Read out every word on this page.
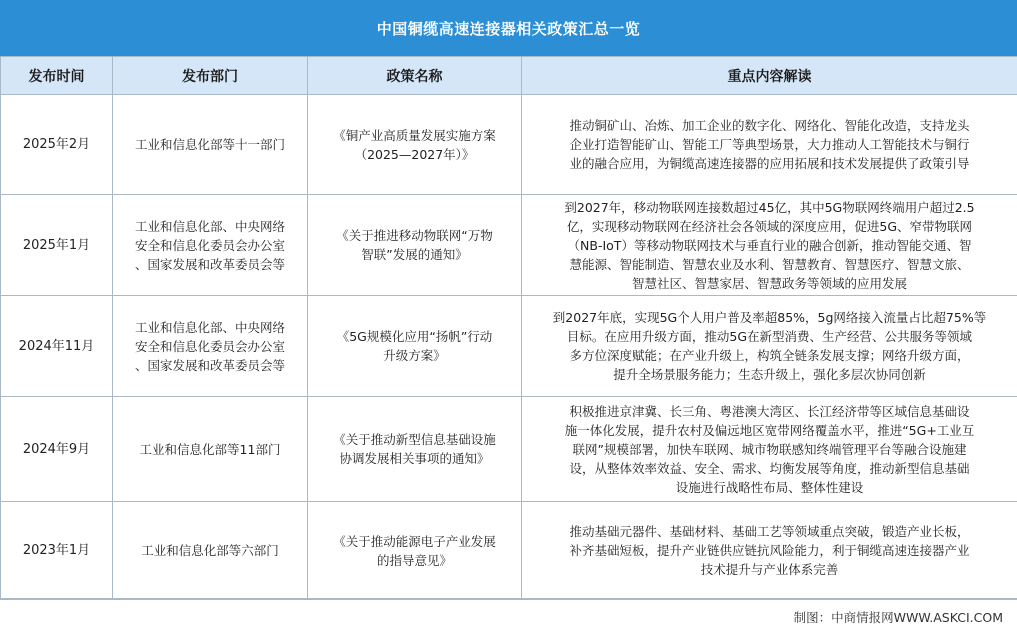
中国铜缆高速连接器相关政策汇总一览
发布时间	发布部门	政策名称	重点内容解读
2025年2月	工业和信息化部等十一部门	《铜产业高质量发展实施方案
（2025—2027年）》	推动铜矿山、冶炼、加工企业的数字化、网络化、智能化改造，支持龙头
企业打造智能矿山、智能工厂等典型场景，大力推动人工智能技术与铜行
业的融合应用，为铜缆高速连接器的应用拓展和技术发展提供了政策引导

2025年1月	工业和信息化部、中央网络
安全和信息化委员会办公室
、国家发展和改革委员会等	《关于推进移动物联网“万物
智联”发展的通知》	到2027年，移动物联网连接数超过45亿，其中5G物联网终端用户超过2.5
亿，实现移动物联网在经济社会各领域的深度应用，促进5G、窄带物联网
（NB-IoT）等移动物联网技术与垂直行业的融合创新，推动智能交通、智
慧能源、智能制造、智慧农业及水利、智慧教育、智慧医疗、智慧文旅、
智慧社区、智慧家居、智慧政务等领域的应用发展

2024年11月	工业和信息化部、中央网络
安全和信息化委员会办公室
、国家发展和改革委员会等	《5G规模化应用“扬帆”行动
升级方案》	到2027年底，实现5G个人用户普及率超85%，5g网络接入流量占比超75%等
目标。在应用升级方面，推动5G在新型消费、生产经营、公共服务等领域
多方位深度赋能；在产业升级上，构筑全链条发展支撑；网络升级方面，
提升全场景服务能力；生态升级上，强化多层次协同创新

2024年9月	工业和信息化部等11部门	《关于推动新型信息基础设施
协调发展相关事项的通知》	积极推进京津冀、长三角、粤港澳大湾区、长江经济带等区域信息基础设
施一体化发展，提升农村及偏远地区宽带网络覆盖水平，推进“5G+工业互
联网”规模部署，加快车联网、城市物联感知终端管理平台等融合设施建
设，从整体效率效益、安全、需求、均衡发展等角度，推动新型信息基础
设施进行战略性布局、整体性建设

2023年1月	工业和信息化部等六部门	《关于推动能源电子产业发展
的指导意见》	推动基础元器件、基础材料、基础工艺等领域重点突破，锻造产业长板，
补齐基础短板，提升产业链供应链抗风险能力，利于铜缆高速连接器产业
技术提升与产业体系完善
制图：中商情报网WWW.ASKCI.COM
